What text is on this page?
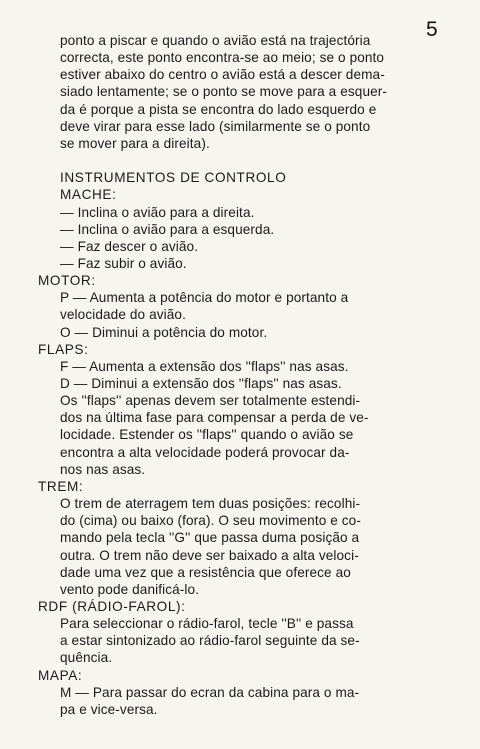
5
ponto a piscar e quando o avião está na trajectória
correcta, este ponto encontra-se ao meio; se o ponto
estiver abaixo do centro o avião está a descer dema-
siado lentamente; se o ponto se move para a esquer-
da é porque a pista se encontra do lado esquerdo e
deve virar para esse lado (similarmente se o ponto
se mover para a direita).
INSTRUMENTOS DE CONTROLO
MACHE:
— Inclina o avião para a direita.
— Inclina o avião para a esquerda.
— Faz descer o avião.
— Faz subir o avião.
MOTOR:
P — Aumenta a potência do motor e portanto a
velocidade do avião.
O — Diminui a potência do motor.
FLAPS:
F — Aumenta a extensão dos ''flaps'' nas asas.
D — Diminui a extensão dos ''flaps'' nas asas.
Os ''flaps'' apenas devem ser totalmente estendi-
dos na última fase para compensar a perda de ve-
locidade. Estender os ''flaps'' quando o avião se
encontra a alta velocidade poderá provocar da-
nos nas asas.
TREM:
O trem de aterragem tem duas posições: recolhi-
do (cima) ou baixo (fora). O seu movimento e co-
mando pela tecla ''G'' que passa duma posição a
outra. O trem não deve ser baixado a alta veloci-
dade uma vez que a resistência que oferece ao
vento pode danificá-lo.
RDF (RÁDIO-FAROL):
Para seleccionar o rádio-farol, tecle ''B'' e passa
a estar sintonizado ao rádio-farol seguinte da se-
quência.
MAPA:
M — Para passar do ecran da cabina para o ma-
pa e vice-versa.
